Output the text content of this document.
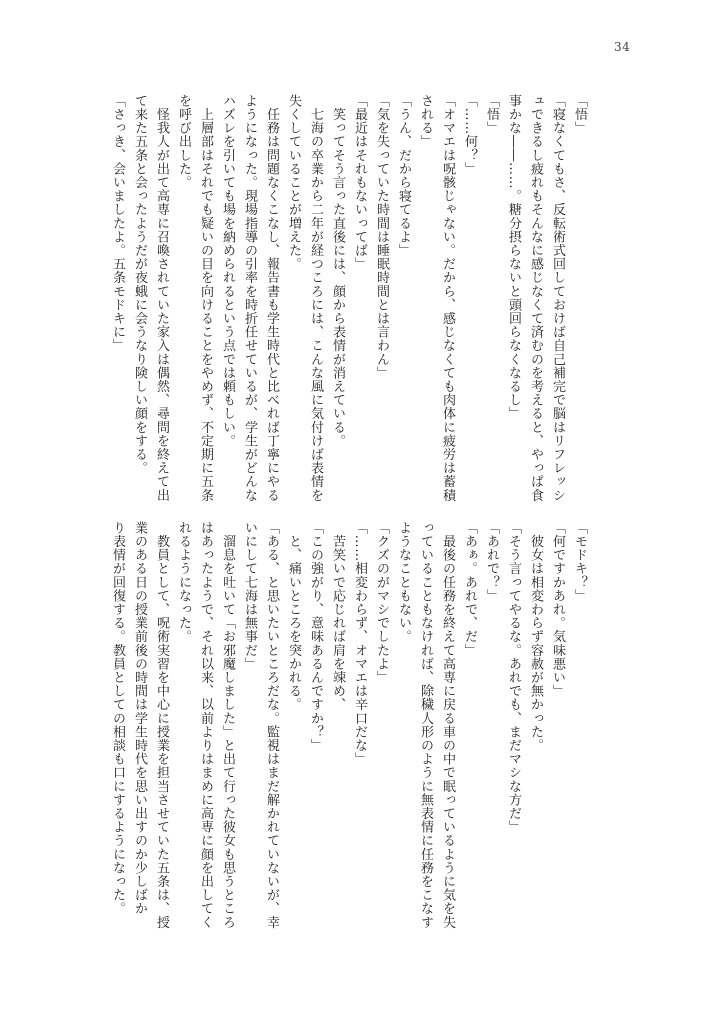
34

「悟」

「寝なくてもさ、反転術式回しておけば自己補完で脳はリフレッシ

ュできるし疲れもそんなに感じなくて済むのを考えると、やっぱ食

事かな――……。糖分摂らないと頭回らなくなるし」

「悟」

「……何？」

「オマエは呪骸じゃない。だから、感じなくても肉体に疲労は蓄積

される」

「うん、だから寝てるよ」

「気を失っていた時間は睡眠時間とは言わん」

「最近はそれもないってば」

　笑ってそう言った直後には、顔から表情が消えている。

　七海の卒業から二年が経つころには、こんな風に気付けば表情を

失くしていることが増えた。

　任務は問題なくこなし、報告書も学生時代と比べれば丁寧にやる

ようになった。現場指導の引率を時折任せているが、学生がどんな

ハズレを引いても場を納められるという点では頼もしい。

　上層部はそれでも疑いの目を向けることをやめず、不定期に五条

を呼び出した。

　怪我人が出て高専に召喚されていた家入は偶然、尋問を終えて出

て来た五条と会ったようだが夜蛾に会うなり険しい顔をする。

「さっき、会いましたよ。五条モドキに」

「モドキ？」

「何ですかあれ。気味悪い」

　彼女は相変わらず容赦が無かった。

「そう言ってやるな。あれでも、まだマシな方だ」

「あれで？」

「あぁ。あれで、だ」

　最後の任務を終えて高専に戻る車の中で眠っているように気を失

っていることもなければ、除穢人形のように無表情に任務をこなす

ようなこともない。

「クズのがマシでしたよ」

「……相変わらず、オマエは辛口だな」

　苦笑いで応じれば肩を竦め、

「この強がり、意味あるんですか？」

　と、痛いところを突かれる。

「ある、と思いたいところだな。監視はまだ解かれていないが、幸

いにして七海は無事だ」

　溜息を吐いて「お邪魔しました」と出て行った彼女も思うところ

はあったようで、それ以来、以前よりはまめに高専に顔を出してく

れるようになった。

　教員として、呪術実習を中心に授業を担当させていた五条は、授

業のある日の授業前後の時間は学生時代を思い出すのか少しばか

り表情が回復する。教員としての相談も口にするようになった。
